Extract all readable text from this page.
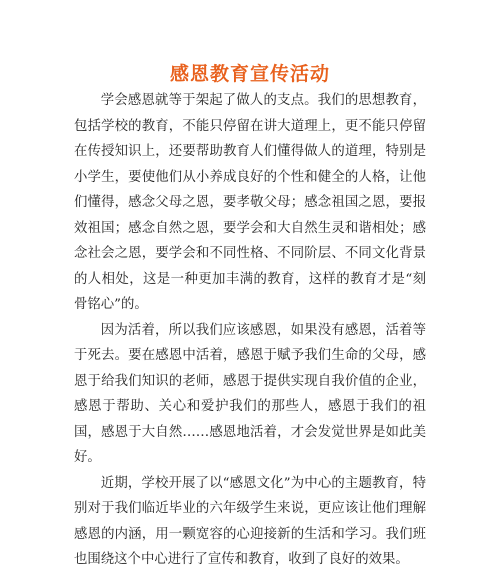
感恩教育宣传活动

学会感恩就等于架起了做人的支点。我们的思想教育，包括学校的教育，不能只停留在讲大道理上，更不能只停留在传授知识上，还要帮助教育人们懂得做人的道理，特别是小学生，要使他们从小养成良好的个性和健全的人格，让他们懂得，感念父母之恩，要孝敬父母；感念祖国之恩，要报效祖国；感念自然之恩，要学会和大自然生灵和谐相处；感念社会之恩，要学会和不同性格、不同阶层、不同文化背景的人相处，这是一种更加丰满的教育，这样的教育才是“刻骨铭心”的。

因为活着，所以我们应该感恩，如果没有感恩，活着等于死去。要在感恩中活着，感恩于赋予我们生命的父母，感恩于给我们知识的老师，感恩于提供实现自我价值的企业，感恩于帮助、关心和爱护我们的那些人，感恩于我们的祖国，感恩于大自然……感恩地活着，才会发觉世界是如此美好。

近期，学校开展了以“感恩文化”为中心的主题教育，特别对于我们临近毕业的六年级学生来说，更应该让他们理解感恩的内涵，用一颗宽容的心迎接新的生活和学习。我们班也围绕这个中心进行了宣传和教育，收到了良好的效果。
